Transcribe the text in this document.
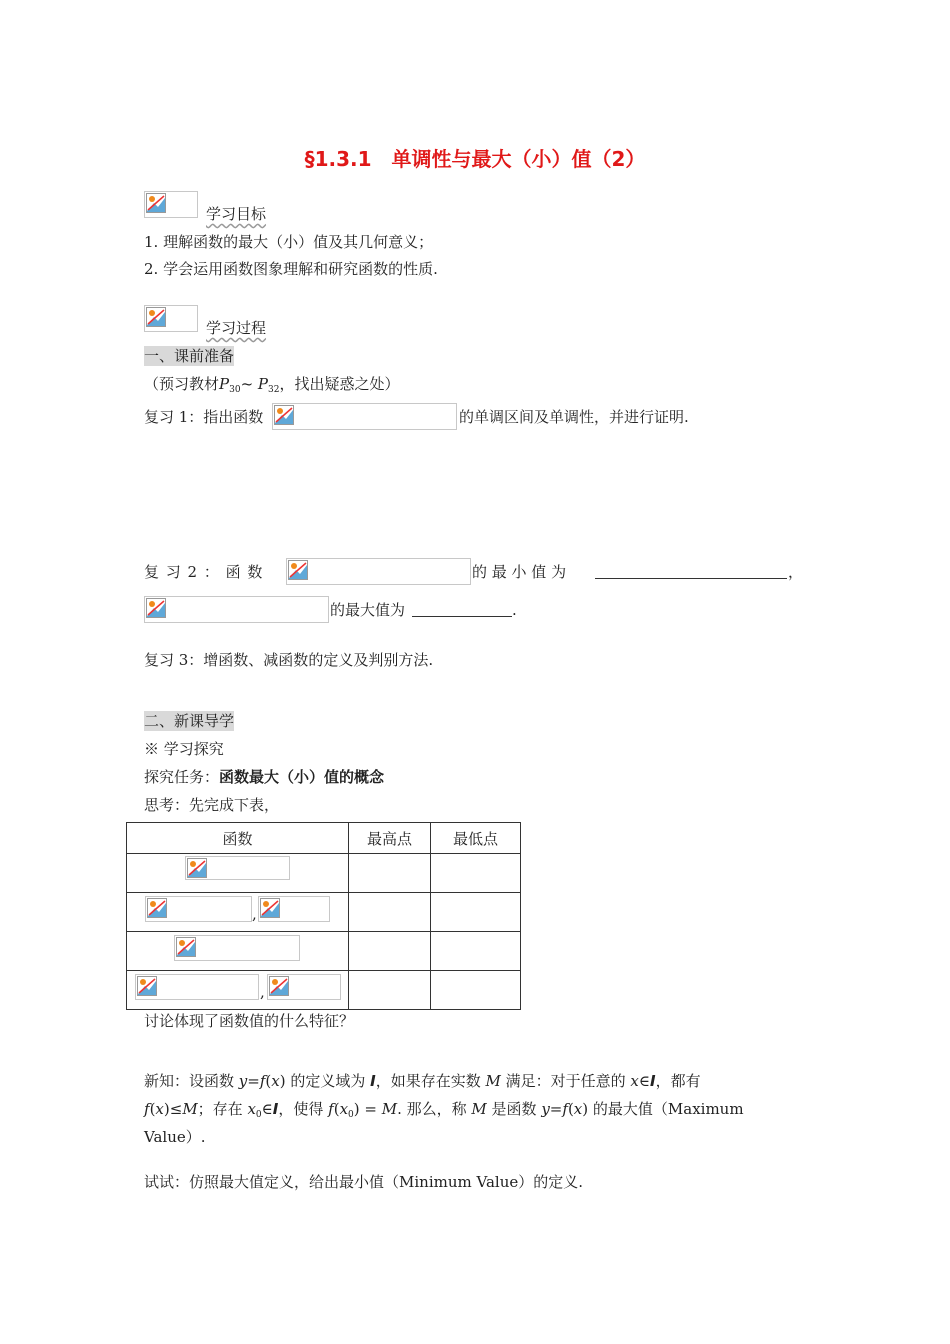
§1.3.1　单调性与最大（小）值（2）
学习目标
1. 理解函数的最大（小）值及其几何意义；
2. 学会运用函数图象理解和研究函数的性质.
学习过程
一、课前准备
（预习教材$P_{30}\sim$ $P_{32}$，找出疑惑之处）
复习 1：指出函数	的单调区间及单调性，并进行证明.
复 习 2 ： 函 数	的 最 小 值 为	，
的最大值为	.
复习 3：增函数、减函数的定义及判别方法.
二、新课导学
※ 学习探究
探究任务：函数最大（小）值的概念
思考：先完成下表，
函数	最高点	最低点

,		

,		

讨论体现了函数值的什么特征？
新知：设函数 y=f(x) 的定义域为 I，如果存在实数 M 满足：对于任意的 x∈I，都有
f(x)≤M；存在 $x_0\in I$，使得 $f(x_0) = M$. 那么，称 M 是函数 y=f(x) 的最大值（Maximum
Value）.
试试：仿照最大值定义，给出最小值（Minimum Value）的定义.
